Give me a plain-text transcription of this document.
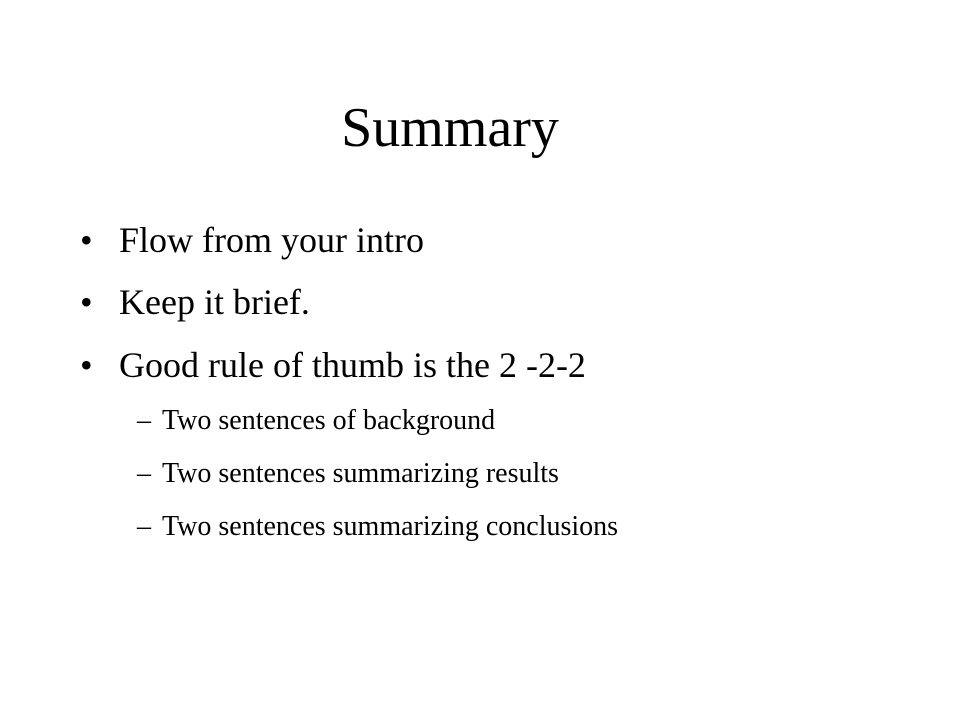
Summary
• Flow from your intro
• Keep it brief.
• Good rule of thumb is the 2 -2-2
– Two sentences of background
– Two sentences summarizing results
– Two sentences summarizing conclusions
